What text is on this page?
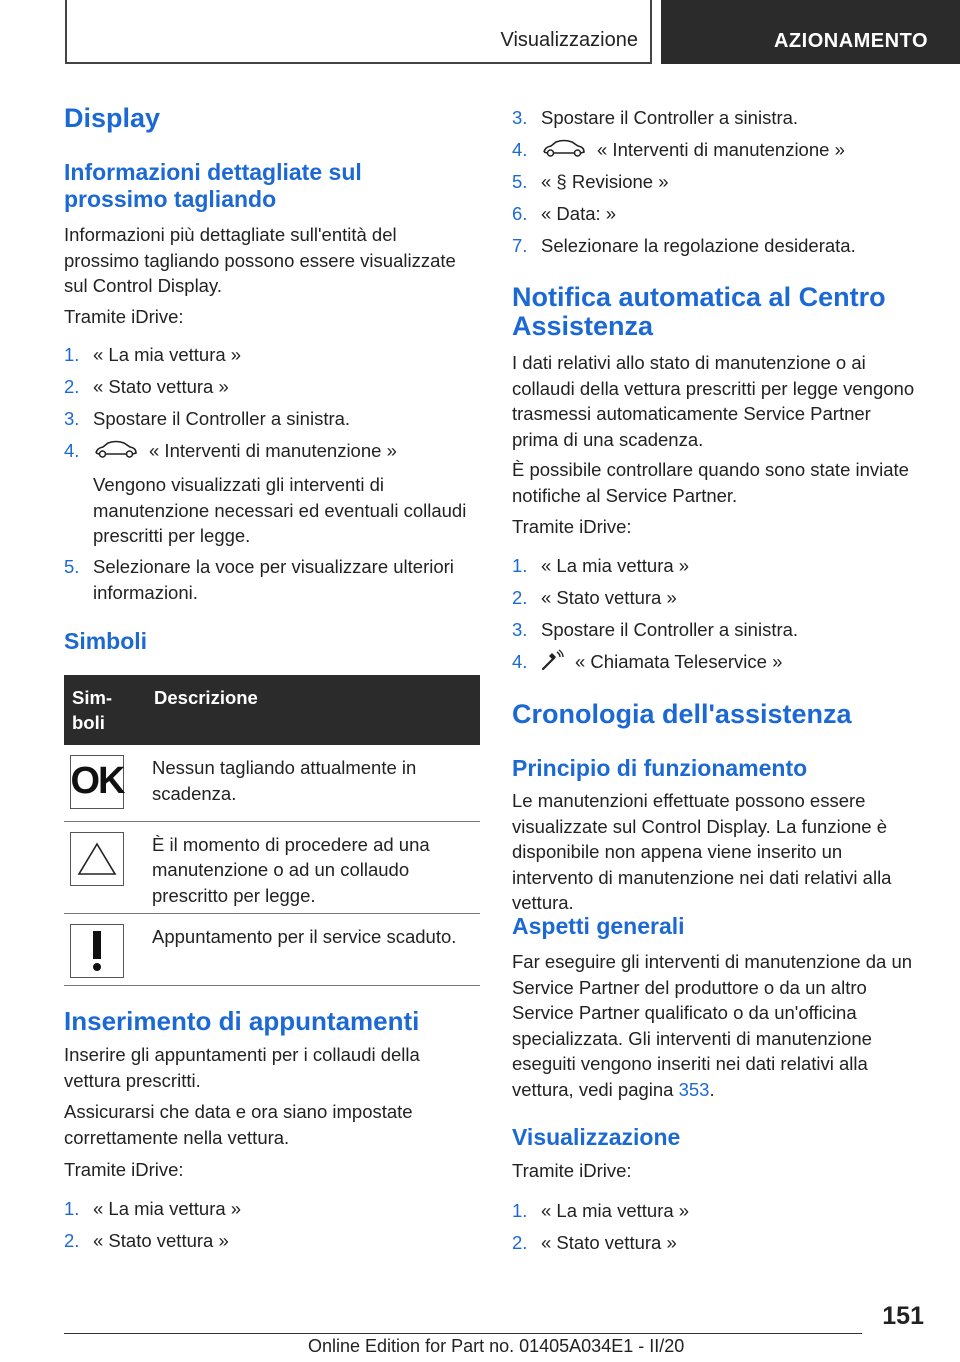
Visualizzazione	AZIONAMENTO
Display
Informazioni dettagliate sul prossimo tagliando

Informazioni più dettagliate sull'entità del prossimo tagliando possono essere visualizzate sul Control Display.

Tramite iDrive:

1. « La mia vettura »
2. « Stato vettura »
3. Spostare il Controller a sinistra.
4.	« Interventi di manutenzione »

Vengono visualizzati gli interventi di manutenzione necessari ed eventuali collaudi prescritti per legge.

5. Selezionare la voce per visualizzare ulteriori informazioni.
Simboli
Sim-
boli	Descrizione

OK	Nessun tagliando attualmente in scadenza.

	È il momento di procedere ad una manutenzione o ad un collaudo prescritto per legge.

	Appuntamento per il service scaduto.
Inserimento di appuntamenti

Inserire gli appuntamenti per i collaudi della vettura prescritti.

Assicurarsi che data e ora siano impostate correttamente nella vettura.

Tramite iDrive:

1. « La mia vettura »
2. « Stato vettura »
3. Spostare il Controller a sinistra.
4.	« Interventi di manutenzione »
5. « § Revisione »
6. « Data: »
7. Selezionare la regolazione desiderata.
Notifica automatica al Centro Assistenza

I dati relativi allo stato di manutenzione o ai collaudi della vettura prescritti per legge vengono trasmessi automaticamente Service Partner prima di una scadenza.

È possibile controllare quando sono state inviate notifiche al Service Partner.

Tramite iDrive:

1. « La mia vettura »
2. « Stato vettura »
3. Spostare il Controller a sinistra.
4.	« Chiamata Teleservice »
Cronologia dell'assistenza
Principio di funzionamento

Le manutenzioni effettuate possono essere visualizzate sul Control Display. La funzione è disponibile non appena viene inserito un intervento di manutenzione nei dati relativi alla vettura.

Aspetti generali

Far eseguire gli interventi di manutenzione da un Service Partner del produttore o da un altro Service Partner qualificato o da un'officina specializzata. Gli interventi di manutenzione eseguiti vengono inseriti nei dati relativi alla vettura, vedi pagina 353.

Visualizzazione

Tramite iDrive:

1. « La mia vettura »
2. « Stato vettura »
151
Online Edition for Part no. 01405A034E1 - II/20
